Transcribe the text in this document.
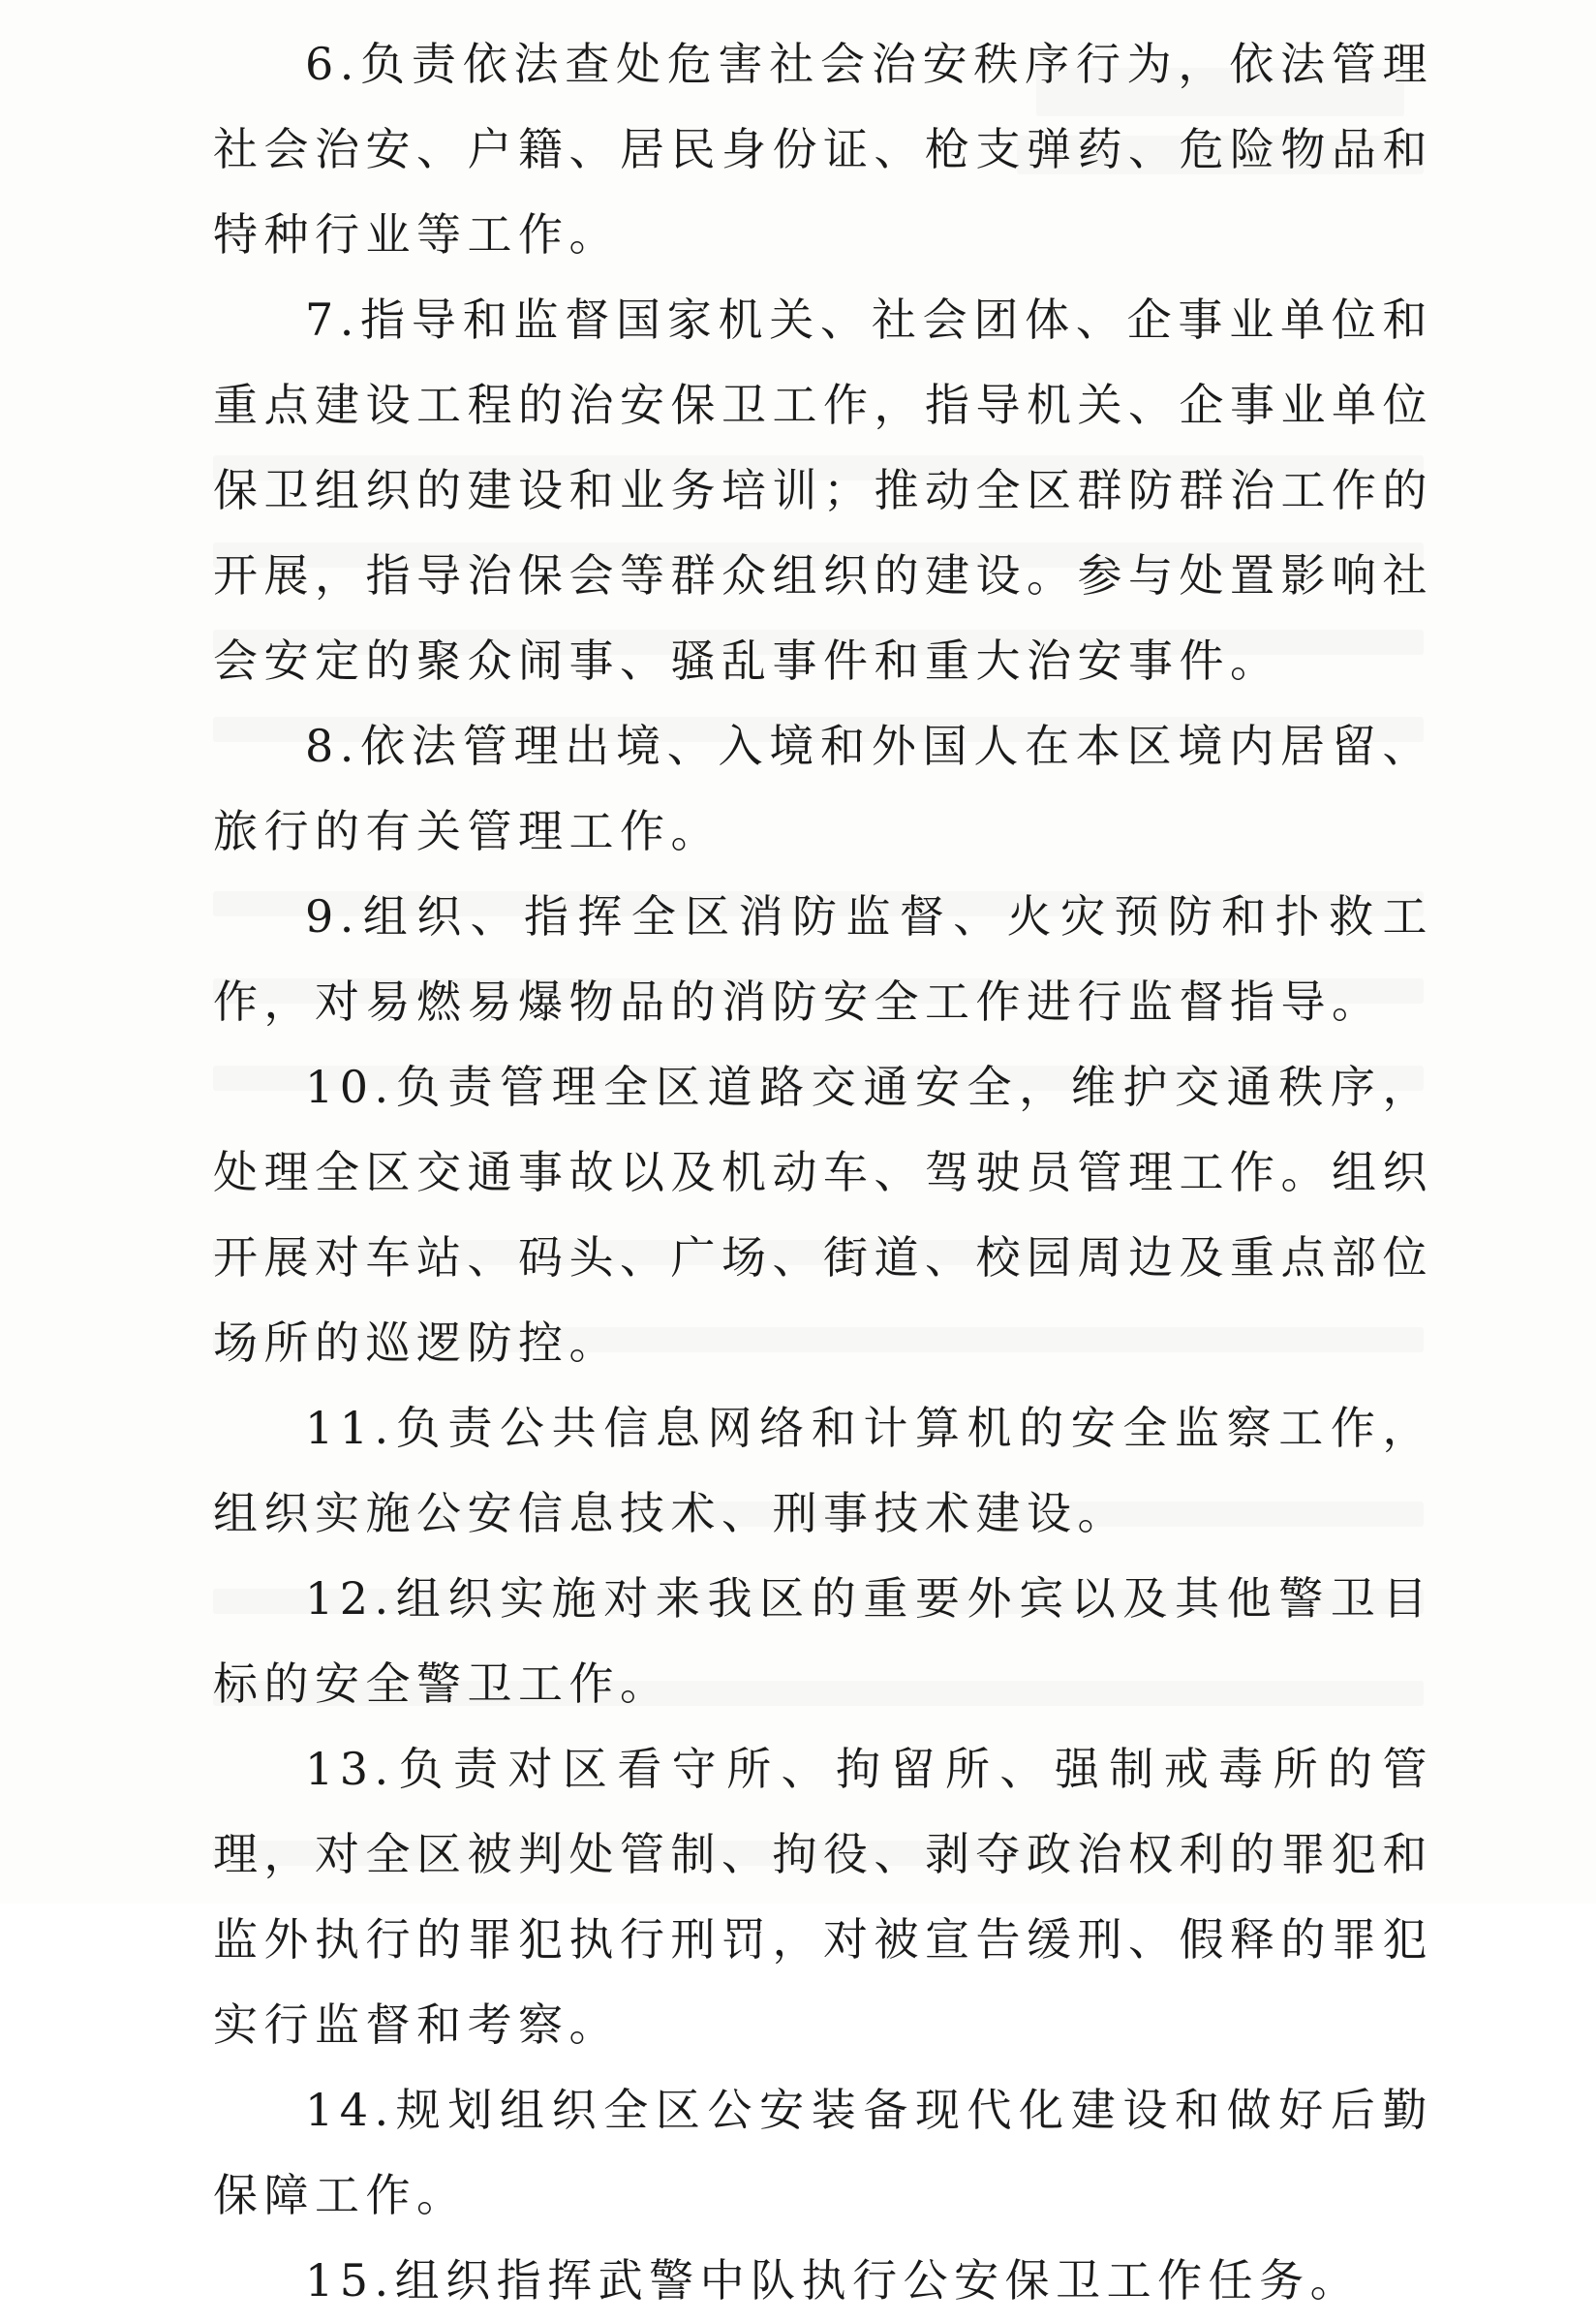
6.负责依法查处危害社会治安秩序行为，依法管理社会治安、户籍、居民身份证、枪支弹药、危险物品和特种行业等工作。

7.指导和监督国家机关、社会团体、企事业单位和重点建设工程的治安保卫工作，指导机关、企事业单位保卫组织的建设和业务培训；推动全区群防群治工作的开展，指导治保会等群众组织的建设。参与处置影响社会安定的聚众闹事、骚乱事件和重大治安事件。

8.依法管理出境、入境和外国人在本区境内居留、旅行的有关管理工作。

9.组织、指挥全区消防监督、火灾预防和扑救工作，对易燃易爆物品的消防安全工作进行监督指导。

10.负责管理全区道路交通安全，维护交通秩序，处理全区交通事故以及机动车、驾驶员管理工作。组织开展对车站、码头、广场、街道、校园周边及重点部位场所的巡逻防控。

11.负责公共信息网络和计算机的安全监察工作，组织实施公安信息技术、刑事技术建设。

12.组织实施对来我区的重要外宾以及其他警卫目标的安全警卫工作。

13.负责对区看守所、拘留所、强制戒毒所的管理，对全区被判处管制、拘役、剥夺政治权利的罪犯和监外执行的罪犯执行刑罚，对被宣告缓刑、假释的罪犯实行监督和考察。

14.规划组织全区公安装备现代化建设和做好后勤保障工作。

15.组织指挥武警中队执行公安保卫工作任务。
